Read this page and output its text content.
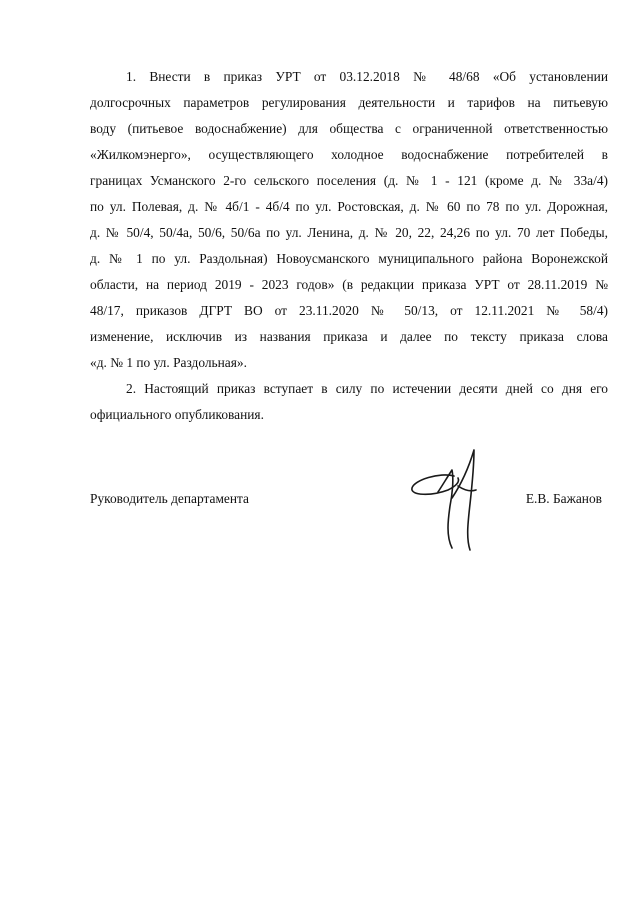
1. Внести в приказ УРТ от 03.12.2018 № 48/68 «Об установлении
долгосрочных параметров регулирования деятельности и тарифов на питьевую
воду (питьевое водоснабжение) для общества с ограниченной ответственностью
«Жилкомэнерго», осуществляющего холодное водоснабжение потребителей в
границах Усманского 2-го сельского поселения (д. № 1 - 121 (кроме д. № 33а/4)
по ул. Полевая, д. № 4б/1 - 4б/4 по ул. Ростовская, д. № 60 по 78 по ул. Дорожная,
д. № 50/4, 50/4а, 50/6, 50/6а по ул. Ленина, д. № 20, 22, 24,26 по ул. 70 лет Победы,
д. № 1 по ул. Раздольная) Новоусманского муниципального района Воронежской
области, на период 2019 - 2023 годов» (в редакции приказа УРТ от 28.11.2019 №
48/17, приказов ДГРТ ВО от 23.11.2020 № 50/13, от 12.11.2021 № 58/4)
изменение, исключив из названия приказа и далее по тексту приказа слова
«д. № 1 по ул. Раздольная».
2. Настоящий приказ вступает в силу по истечении десяти дней со дня его
официального опубликования.
Руководитель департамента	Е.В. Бажанов
